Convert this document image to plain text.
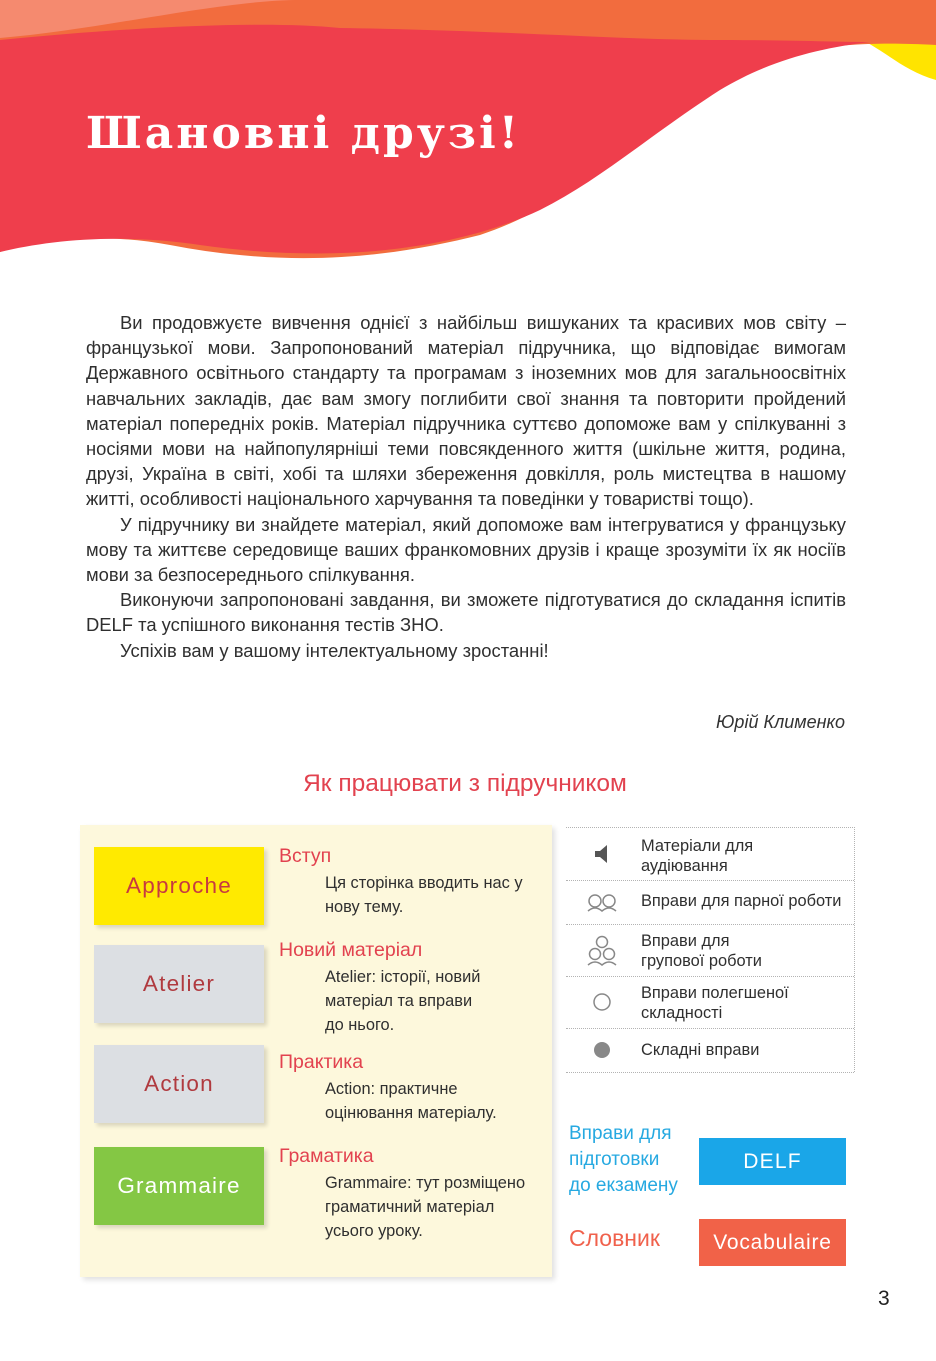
Шановні друзі!

Ви продовжуєте вивчення однієї з найбільш вишуканих та красивих мов світу – французької мови. Запропонований матеріал підручника, що відповідає вимогам Державного освітнього стандарту та програмам з іноземних мов для загальноосвітніх навчальних закладів, дає вам змогу поглибити свої знання та повторити пройдений матеріал попередніх років. Матеріал підручника суттєво допоможе вам у спілкуванні з носіями мови на найпопулярніші теми повсякденного життя (шкільне життя, родина, друзі, Україна в світі, хобі та шляхи збереження довкілля, роль мистецтва в нашому житті, особливості національного харчування та поведінки у товаристві тощо).

У підручнику ви знайдете матеріал, який допоможе вам інтегруватися у французьку мову та життєве середовище ваших франкомовних друзів і краще зрозуміти їх як носіїв мови за безпосереднього спілкування.

Виконуючи запропоновані завдання, ви зможете підготуватися до складання іспитів DELF та успішного виконання тестів ЗНО.

Успіхів вам у вашому інтелектуальному зростанні!

Юрій Клименко
Як працювати з підручником
Approche
Вступ
Ця сторінка вводить нас у
нову тему.
Atelier
Новий матеріал
Atelier: історії, новий
матеріал та вправи
до нього.
Action
Практика
Action: практичне
оцінювання матеріалу.
Grammaire
Граматика
Grammaire: тут розміщено
граматичний матеріал
усього уроку.
Матеріали для
аудіювання
Вправи для парної роботи
Вправи для
групової роботи
Вправи полегшеної
складності
Складні вправи
Вправи для
підготовки
до екзамену
DELF
Словник	Vocabulaire
3
